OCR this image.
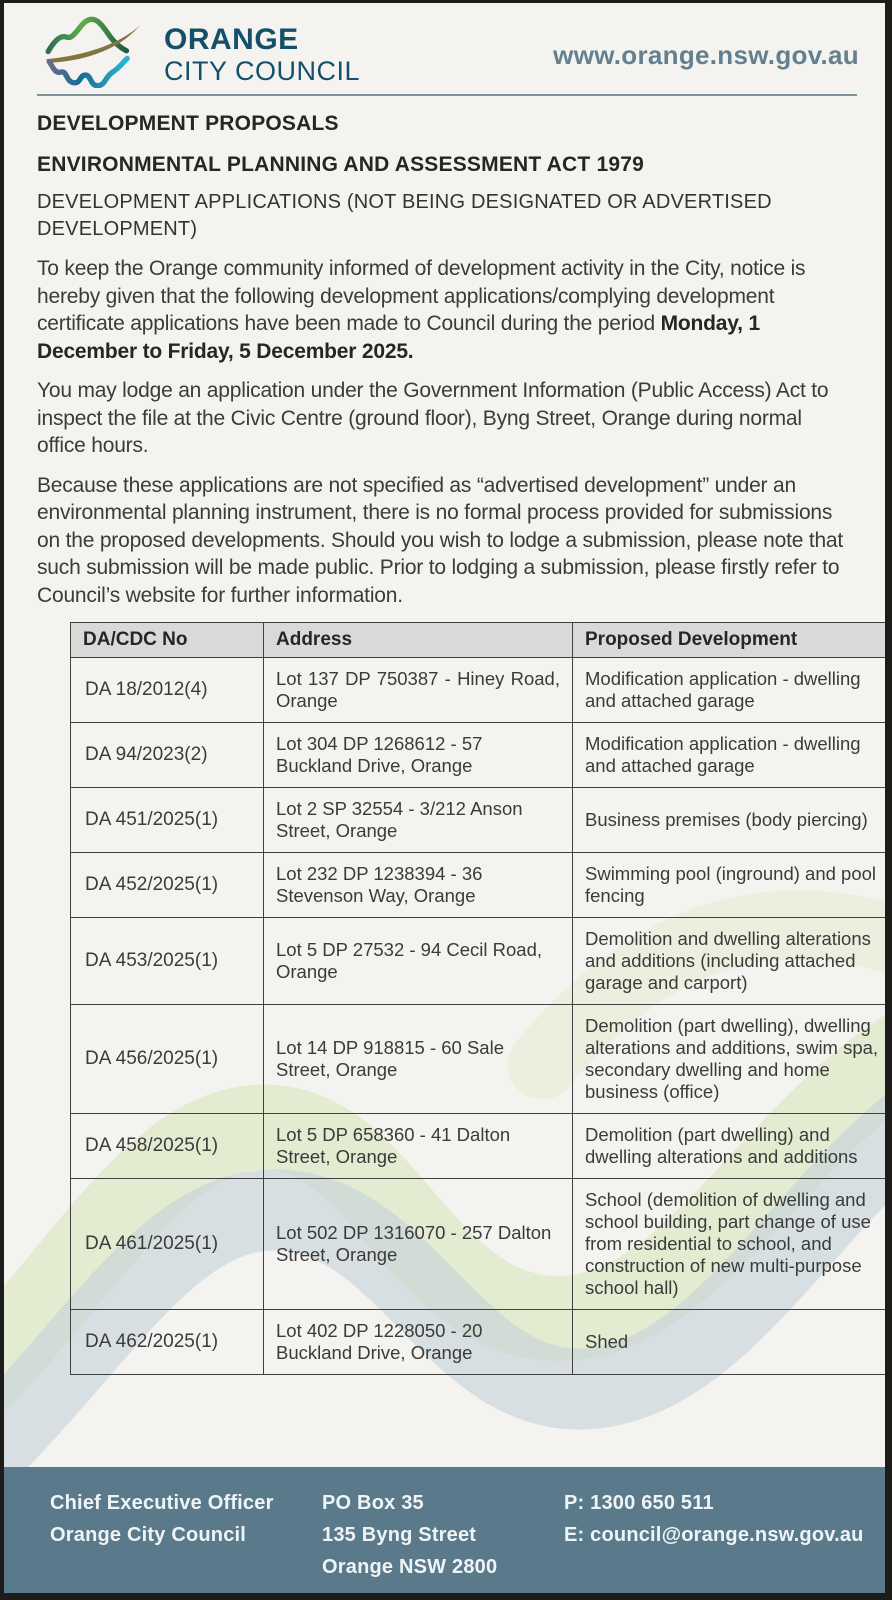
ORANGE
CITY COUNCIL
www.orange.nsw.gov.au
DEVELOPMENT PROPOSALS
ENVIRONMENTAL PLANNING AND ASSESSMENT ACT 1979
DEVELOPMENT APPLICATIONS (NOT BEING DESIGNATED OR ADVERTISED DEVELOPMENT)

To keep the Orange community informed of development activity in the City, notice is hereby given that the following development applications/complying development certificate applications have been made to Council during the period Monday, 1 December to Friday, 5 December 2025.

You may lodge an application under the Government Information (Public Access) Act to inspect the file at the Civic Centre (ground floor), Byng Street, Orange during normal office hours.

Because these applications are not specified as “advertised development” under an environmental planning instrument, there is no formal process provided for submissions on the proposed developments. Should you wish to lodge a submission, please note that such submission will be made public. Prior to lodging a submission, please firstly refer to Council’s website for further information.

DA/CDC No	Address	Proposed Development
DA 18/2012(4)	Lot 137 DP 750387 - Hiney Road, Orange	Modification application - dwelling and attached garage
DA 94/2023(2)	Lot 304 DP 1268612 - 57 Buckland Drive, Orange	Modification application - dwelling and attached garage
DA 451/2025(1)	Lot 2 SP 32554 - 3/212 Anson Street, Orange	Business premises (body piercing)
DA 452/2025(1)	Lot 232 DP 1238394 - 36 Stevenson Way, Orange	Swimming pool (inground) and pool fencing
DA 453/2025(1)	Lot 5 DP 27532 - 94 Cecil Road, Orange	Demolition and dwelling alterations and additions (including attached garage and carport)
DA 456/2025(1)	Lot 14 DP 918815 - 60 Sale Street, Orange	Demolition (part dwelling), dwelling alterations and additions, swim spa, secondary dwelling and home business (office)
DA 458/2025(1)	Lot 5 DP 658360 - 41 Dalton Street, Orange	Demolition (part dwelling) and dwelling alterations and additions
DA 461/2025(1)	Lot 502 DP 1316070 - 257 Dalton Street, Orange	School (demolition of dwelling and school building, part change of use from residential to school, and construction of new multi-purpose school hall)
DA 462/2025(1)	Lot 402 DP 1228050 - 20 Buckland Drive, Orange	Shed
Chief Executive Officer
Orange City Council
PO Box 35
135 Byng Street
Orange NSW 2800
P: 1300 650 511
E: council@orange.nsw.gov.au
